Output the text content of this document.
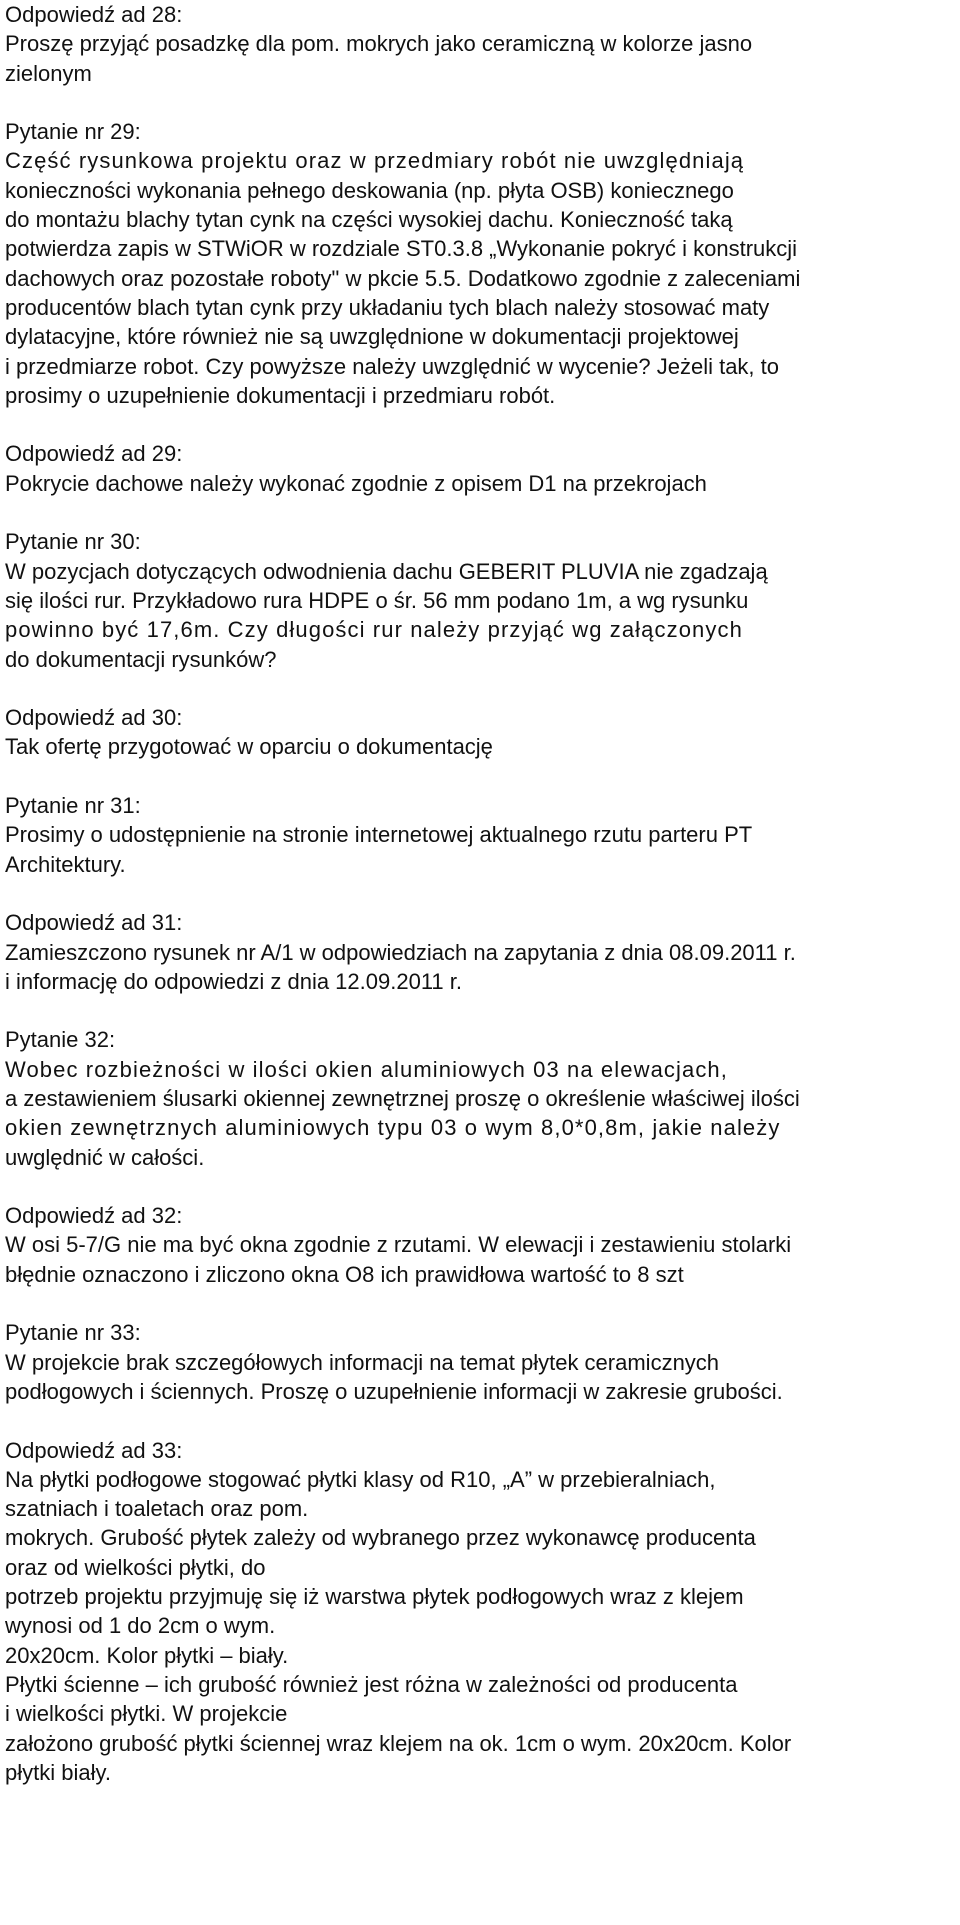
Odpowiedź ad 28:
Proszę przyjąć posadzkę dla pom. mokrych jako ceramiczną w kolorze jasno
zielonym
Pytanie nr 29:
Część rysunkowa projektu oraz w przedmiary robót nie uwzględniają
konieczności wykonania pełnego deskowania (np. płyta OSB) koniecznego
do montażu blachy tytan cynk na części wysokiej dachu. Konieczność taką
potwierdza zapis w STWiOR w rozdziale ST0.3.8 „Wykonanie pokryć i konstrukcji
dachowych oraz pozostałe roboty" w pkcie 5.5. Dodatkowo zgodnie z zaleceniami
producentów blach tytan cynk przy układaniu tych blach należy stosować maty
dylatacyjne, które również nie są uwzględnione w dokumentacji projektowej
i przedmiarze robot. Czy powyższe należy uwzględnić w wycenie? Jeżeli tak, to
prosimy o uzupełnienie dokumentacji i przedmiaru robót.
Odpowiedź ad 29:
Pokrycie dachowe należy wykonać zgodnie z opisem D1 na przekrojach
Pytanie nr 30:
W pozycjach dotyczących odwodnienia dachu GEBERIT PLUVIA nie zgadzają
się ilości rur. Przykładowo rura HDPE o śr. 56 mm podano 1m, a wg rysunku
powinno być 17,6m. Czy długości rur należy przyjąć wg załączonych
do dokumentacji rysunków?
Odpowiedź ad 30:
Tak ofertę przygotować w oparciu o dokumentację
Pytanie nr 31:
Prosimy o udostępnienie na stronie internetowej aktualnego rzutu parteru PT
Architektury.
Odpowiedź ad 31:
Zamieszczono rysunek nr A/1 w odpowiedziach na zapytania z dnia 08.09.2011 r.
i informację do odpowiedzi z dnia 12.09.2011 r.
Pytanie 32:
Wobec rozbieżności w ilości okien aluminiowych 03 na elewacjach,
a zestawieniem ślusarki okiennej zewnętrznej proszę o określenie właściwej ilości
okien zewnętrznych aluminiowych typu 03 o wym 8,0*0,8m, jakie należy
uwględnić w całości.
Odpowiedź ad 32:
W osi 5-7/G nie ma być okna zgodnie z rzutami. W elewacji i zestawieniu stolarki
błędnie oznaczono i zliczono okna O8 ich prawidłowa wartość to 8 szt
Pytanie nr 33:
W projekcie brak szczegółowych informacji na temat płytek ceramicznych
podłogowych i ściennych. Proszę o uzupełnienie informacji w zakresie grubości.
Odpowiedź ad 33:
Na płytki podłogowe stogować płytki klasy od R10, „A” w przebieralniach,
szatniach i toaletach oraz pom.
mokrych. Grubość płytek zależy od wybranego przez wykonawcę producenta
oraz od wielkości płytki, do
potrzeb projektu przyjmuję się iż warstwa płytek podłogowych wraz z klejem
wynosi od 1 do 2cm o wym.
20x20cm. Kolor płytki – biały.
Płytki ścienne – ich grubość również jest różna w zależności od producenta
i wielkości płytki. W projekcie
założono grubość płytki ściennej wraz klejem na ok. 1cm o wym. 20x20cm. Kolor
płytki biały.
